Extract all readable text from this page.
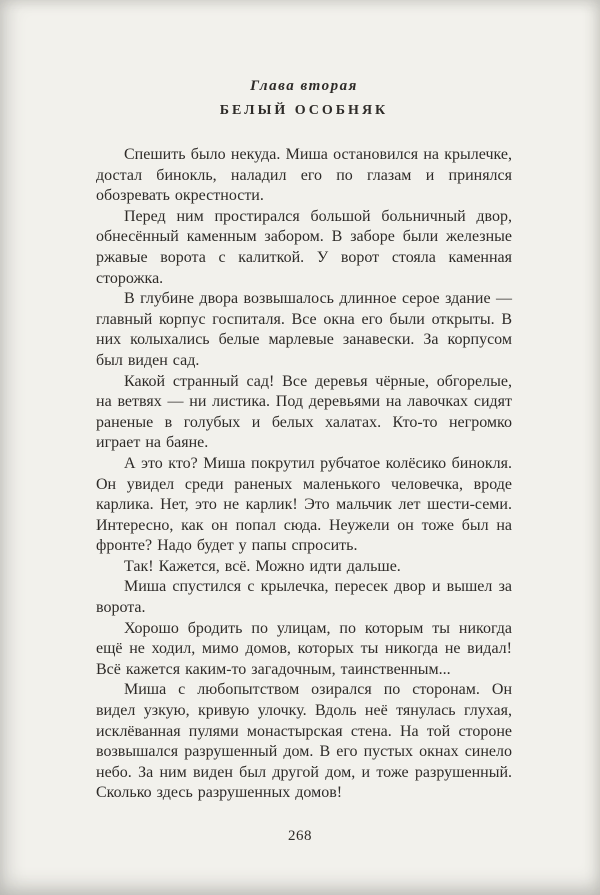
Глава вторая

БЕЛЫЙ ОСОБНЯК

Спешить было некуда. Миша остановился на крылечке, достал бинокль, наладил его по глазам и принялся обозревать окрестности.

Перед ним простирался большой больничный двор, обнесённый каменным забором. В заборе были железные ржавые ворота с калиткой. У ворот стояла каменная сторожка.

В глубине двора возвышалось длинное серое здание — главный корпус госпиталя. Все окна его были открыты. В них колыхались белые марлевые занавески. За корпусом был виден сад.

Какой странный сад! Все деревья чёрные, обгорелые, на ветвях — ни листика. Под деревьями на лавочках сидят раненые в голубых и белых халатах. Кто-то негромко играет на баяне.

А это кто? Миша покрутил рубчатое колёсико бинокля. Он увидел среди раненых маленького человечка, вроде карлика. Нет, это не карлик! Это мальчик лет шести-семи. Интересно, как он попал сюда. Неужели он тоже был на фронте? Надо будет у папы спросить.

Так! Кажется, всё. Можно идти дальше.

Миша спустился с крылечка, пересек двор и вышел за ворота.

Хорошо бродить по улицам, по которым ты никогда ещё не ходил, мимо домов, которых ты никогда не видал! Всё кажется каким-то загадочным, таинственным...

Миша с любопытством озирался по сторонам. Он видел узкую, кривую улочку. Вдоль неё тянулась глухая, исклёванная пулями монастырская стена. На той стороне возвышался разрушенный дом. В его пустых окнах синело небо. За ним виден был другой дом, и тоже разрушенный. Сколько здесь разрушенных домов!

268
